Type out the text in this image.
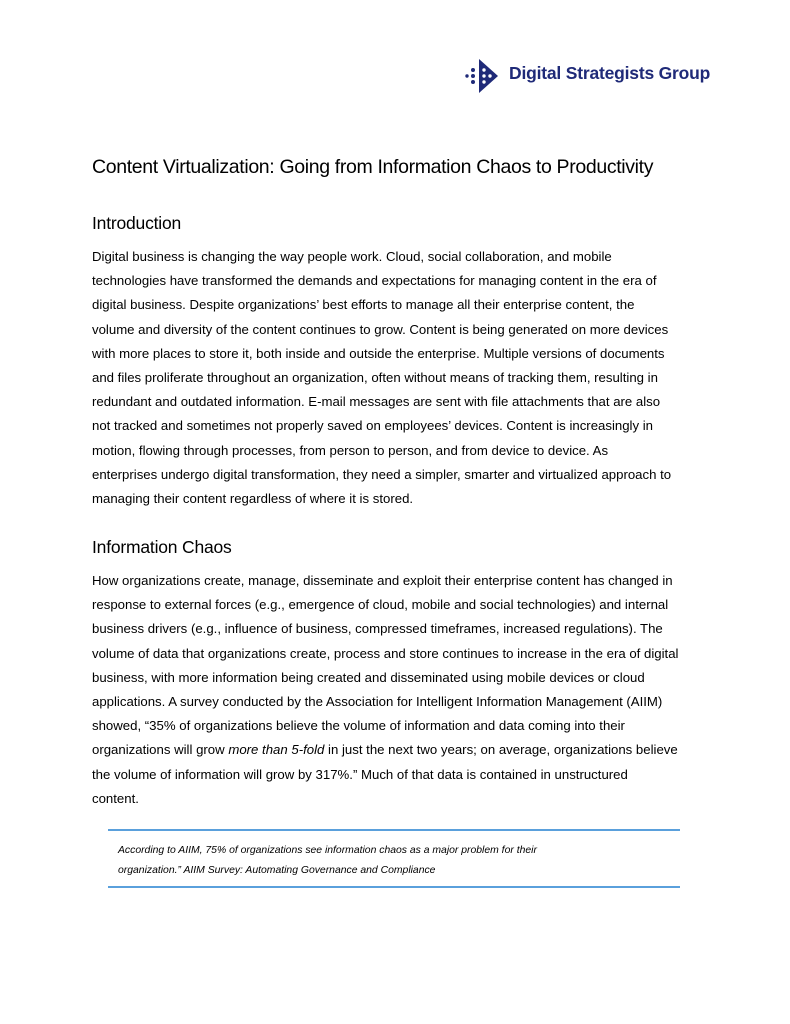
Digital Strategists Group
Content Virtualization: Going from Information Chaos to Productivity
Introduction
Digital business is changing the way people work. Cloud, social collaboration, and mobile
technologies have transformed the demands and expectations for managing content in the era of
digital business. Despite organizations’ best efforts to manage all their enterprise content, the
volume and diversity of the content continues to grow. Content is being generated on more devices
with more places to store it, both inside and outside the enterprise. Multiple versions of documents
and files proliferate throughout an organization, often without means of tracking them, resulting in
redundant and outdated information. E-mail messages are sent with file attachments that are also
not tracked and sometimes not properly saved on employees’ devices. Content is increasingly in
motion, flowing through processes, from person to person, and from device to device. As
enterprises undergo digital transformation, they need a simpler, smarter and virtualized approach to
managing their content regardless of where it is stored.
Information Chaos
How organizations create, manage, disseminate and exploit their enterprise content has changed in
response to external forces (e.g., emergence of cloud, mobile and social technologies) and internal
business drivers (e.g., influence of business, compressed timeframes, increased regulations). The
volume of data that organizations create, process and store continues to increase in the era of digital
business, with more information being created and disseminated using mobile devices or cloud
applications. A survey conducted by the Association for Intelligent Information Management (AIIM)
showed, “35% of organizations believe the volume of information and data coming into their
organizations will grow more than 5-fold in just the next two years; on average, organizations believe
the volume of information will grow by 317%.” Much of that data is contained in unstructured
content.
According to AIIM, 75% of organizations see information chaos as a major problem for their
organization.” AIIM Survey: Automating Governance and Compliance
